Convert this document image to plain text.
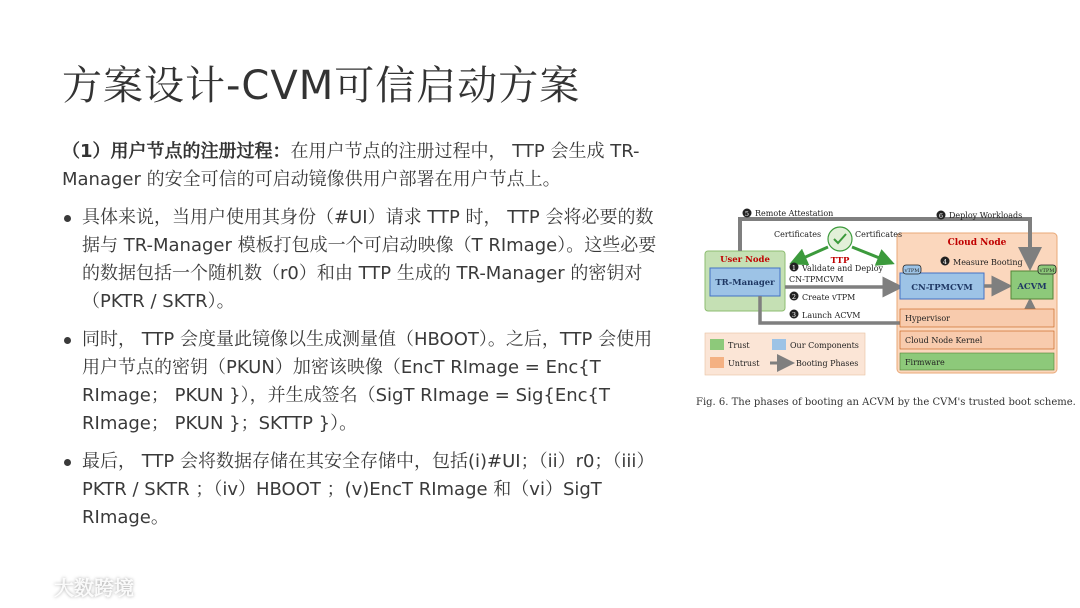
方案设计-CVM可信启动方案

（1）用户节点的注册过程：在用户节点的注册过程中， TTP 会生成 TR-Manager 的安全可信的可启动镜像供用户部署在用户节点上。

具体来说，当用户使用其身份（#UI）请求 TTP 时， TTP 会将必要的数据与 TR-Manager 模板打包成一个可启动映像（T RImage）。这些必要的数据包括一个随机数（r0）和由 TTP 生成的 TR-Manager 的密钥对（PKTR / SKTR）。
同时， TTP 会度量此镜像以生成测量值（HBOOT）。之后，TTP 会使用用户节点的密钥（PKUN）加密该映像（EncT RImage = Enc{T RImage； PKUN }），并生成签名（SigT RImage = Sig{Enc{T RImage； PKUN }；SKTTP }）。
最后， TTP 会将数据存储在其安全存储中，包括(i)#UI；（ii）r0；（iii）PKTR / SKTR ；（iv）HBOOT ；(v)EncT RImage 和（vi）SigT RImage。
Cloud Node
User Node
TR-Manager
5 Remote Attestation	6 Deploy Workloads
TTP
Certificates	Certificates
1 Validate and Deploy
CN-TPMCVM
2 Create vTPM
3 Launch ACVM
CN-TPMCVM
vTPM
ACVM
vTPM
4 Measure Booting
Hypervisor
Cloud Node Kernel
Firmware
Trust
Untrust
Our Components
Booting Phases
Fig. 6. The phases of booting an ACVM by the CVM's trusted boot scheme.
大数跨境
